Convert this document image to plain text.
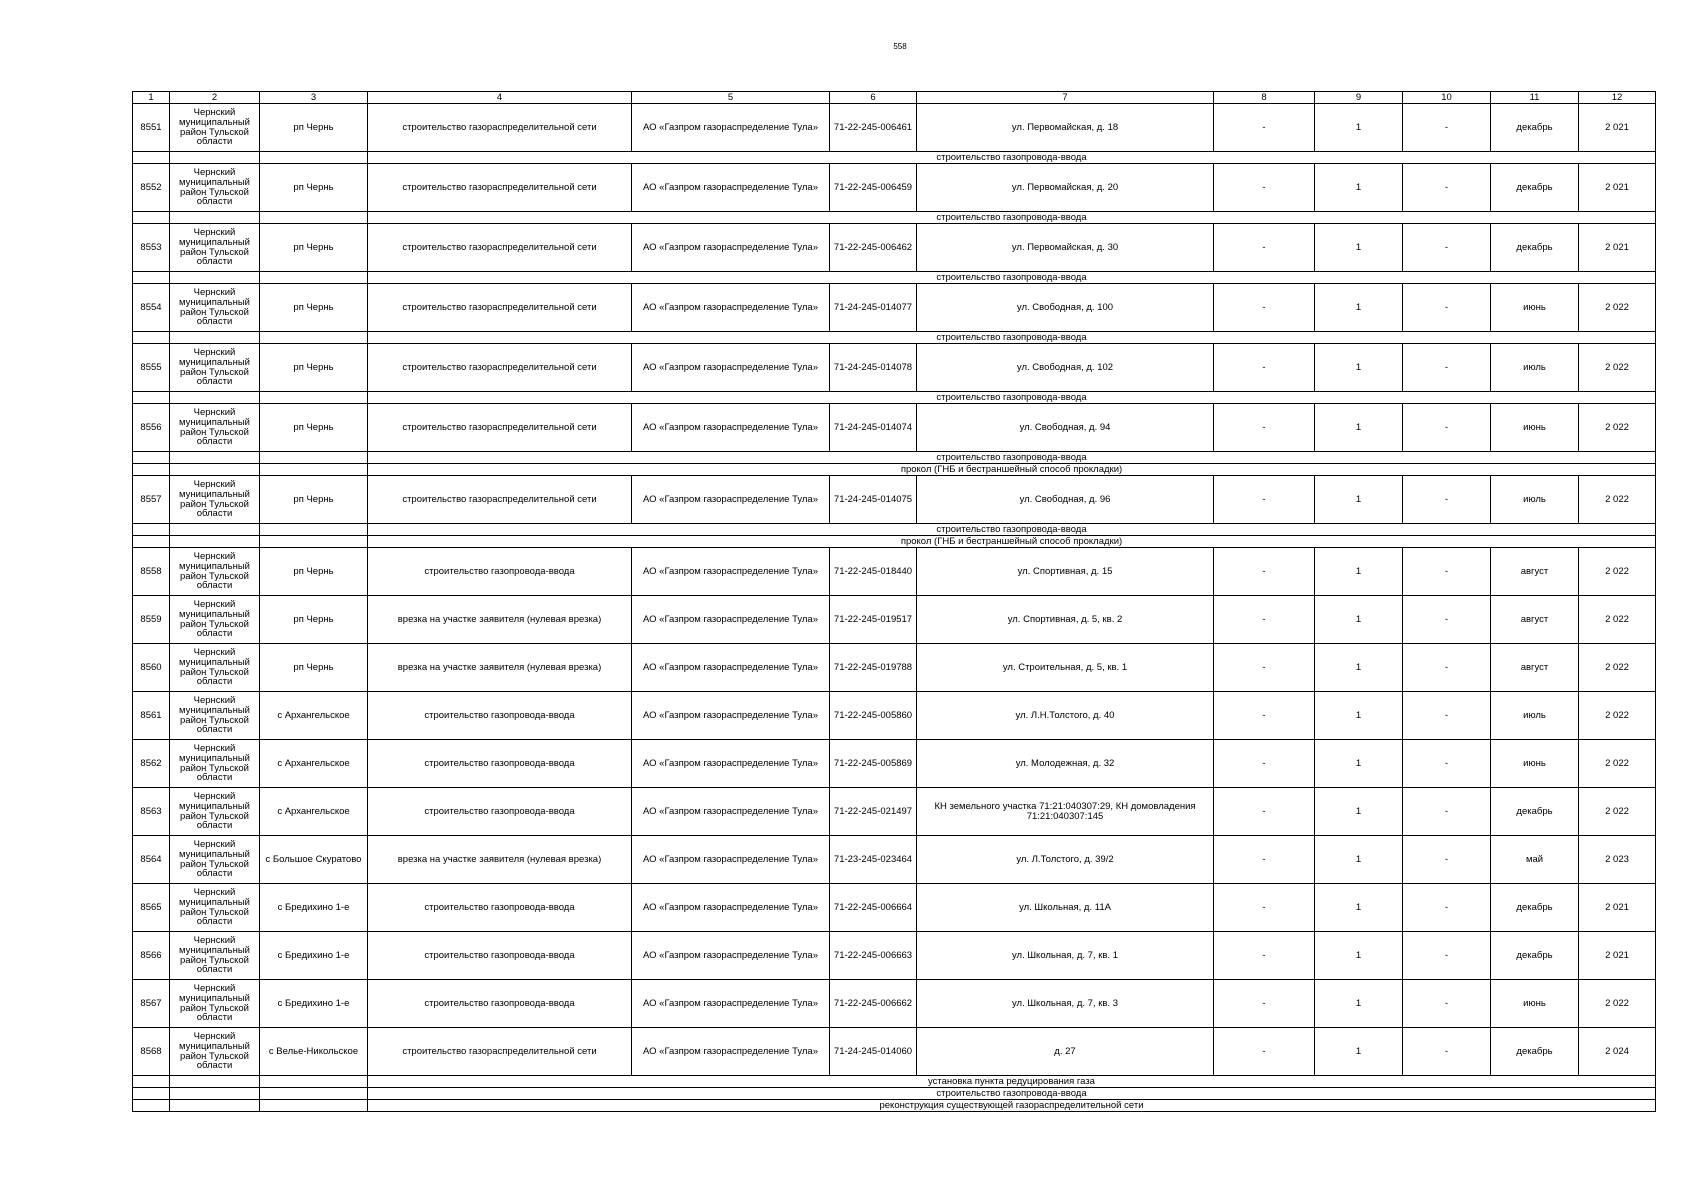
558
1	2	3	4	5	6	7	8	9	10	11	12
8551	Чернский муниципальный район Тульской области	рп Чернь	строительство газораспределительной сети	АО «Газпром газораспределение Тула»	71-22-245-006461	ул. Первомайская, д. 18	-	1	-	декабрь	2 021
			строительство газопровода-ввода								
8552	Чернский муниципальный район Тульской области	рп Чернь	строительство газораспределительной сети	АО «Газпром газораспределение Тула»	71-22-245-006459	ул. Первомайская, д. 20	-	1	-	декабрь	2 021
			строительство газопровода-ввода								
8553	Чернский муниципальный район Тульской области	рп Чернь	строительство газораспределительной сети	АО «Газпром газораспределение Тула»	71-22-245-006462	ул. Первомайская, д. 30	-	1	-	декабрь	2 021
			строительство газопровода-ввода								
8554	Чернский муниципальный район Тульской области	рп Чернь	строительство газораспределительной сети	АО «Газпром газораспределение Тула»	71-24-245-014077	ул. Свободная, д. 100	-	1	-	июнь	2 022
			строительство газопровода-ввода								
8555	Чернский муниципальный район Тульской области	рп Чернь	строительство газораспределительной сети	АО «Газпром газораспределение Тула»	71-24-245-014078	ул. Свободная, д. 102	-	1	-	июль	2 022
			строительство газопровода-ввода								
8556	Чернский муниципальный район Тульской области	рп Чернь	строительство газораспределительной сети	АО «Газпром газораспределение Тула»	71-24-245-014074	ул. Свободная, д. 94	-	1	-	июнь	2 022
			строительство газопровода-ввода								
			прокол (ГНБ и бестраншейный способ прокладки)								
8557	Чернский муниципальный район Тульской области	рп Чернь	строительство газораспределительной сети	АО «Газпром газораспределение Тула»	71-24-245-014075	ул. Свободная, д. 96	-	1	-	июль	2 022
			строительство газопровода-ввода								
			прокол (ГНБ и бестраншейный способ прокладки)								
8558	Чернский муниципальный район Тульской области	рп Чернь	строительство газопровода-ввода	АО «Газпром газораспределение Тула»	71-22-245-018440	ул. Спортивная, д. 15	-	1	-	август	2 022
8559	Чернский муниципальный район Тульской области	рп Чернь	врезка на участке заявителя (нулевая врезка)	АО «Газпром газораспределение Тула»	71-22-245-019517	ул. Спортивная, д. 5, кв. 2	-	1	-	август	2 022
8560	Чернский муниципальный район Тульской области	рп Чернь	врезка на участке заявителя (нулевая врезка)	АО «Газпром газораспределение Тула»	71-22-245-019788	ул. Строительная, д. 5, кв. 1	-	1	-	август	2 022
8561	Чернский муниципальный район Тульской области	с Архангельское	строительство газопровода-ввода	АО «Газпром газораспределение Тула»	71-22-245-005860	ул. Л.Н.Толстого, д. 40	-	1	-	июль	2 022
8562	Чернский муниципальный район Тульской области	с Архангельское	строительство газопровода-ввода	АО «Газпром газораспределение Тула»	71-22-245-005869	ул. Молодежная, д. 32	-	1	-	июнь	2 022
8563	Чернский муниципальный район Тульской области	с Архангельское	строительство газопровода-ввода	АО «Газпром газораспределение Тула»	71-22-245-021497	КН земельного участка 71:21:040307:29, КН домовладения 71:21:040307:145	-	1	-	декабрь	2 022
8564	Чернский муниципальный район Тульской области	с Большое Скуратово	врезка на участке заявителя (нулевая врезка)	АО «Газпром газораспределение Тула»	71-23-245-023464	ул. Л.Толстого, д. 39/2	-	1	-	май	2 023
8565	Чернский муниципальный район Тульской области	с Бредихино 1-е	строительство газопровода-ввода	АО «Газпром газораспределение Тула»	71-22-245-006664	ул. Школьная, д. 11А	-	1	-	декабрь	2 021
8566	Чернский муниципальный район Тульской области	с Бредихино 1-е	строительство газопровода-ввода	АО «Газпром газораспределение Тула»	71-22-245-006663	ул. Школьная, д. 7, кв. 1	-	1	-	декабрь	2 021
8567	Чернский муниципальный район Тульской области	с Бредихино 1-е	строительство газопровода-ввода	АО «Газпром газораспределение Тула»	71-22-245-006662	ул. Школьная, д. 7, кв. 3	-	1	-	июнь	2 022
8568	Чернский муниципальный район Тульской области	с Велье-Никольское	строительство газораспределительной сети	АО «Газпром газораспределение Тула»	71-24-245-014060	д. 27	-	1	-	декабрь	2 024
			установка пункта редуцирования газа								
			строительство газопровода-ввода								
			реконструкция существующей газораспределительной сети								
